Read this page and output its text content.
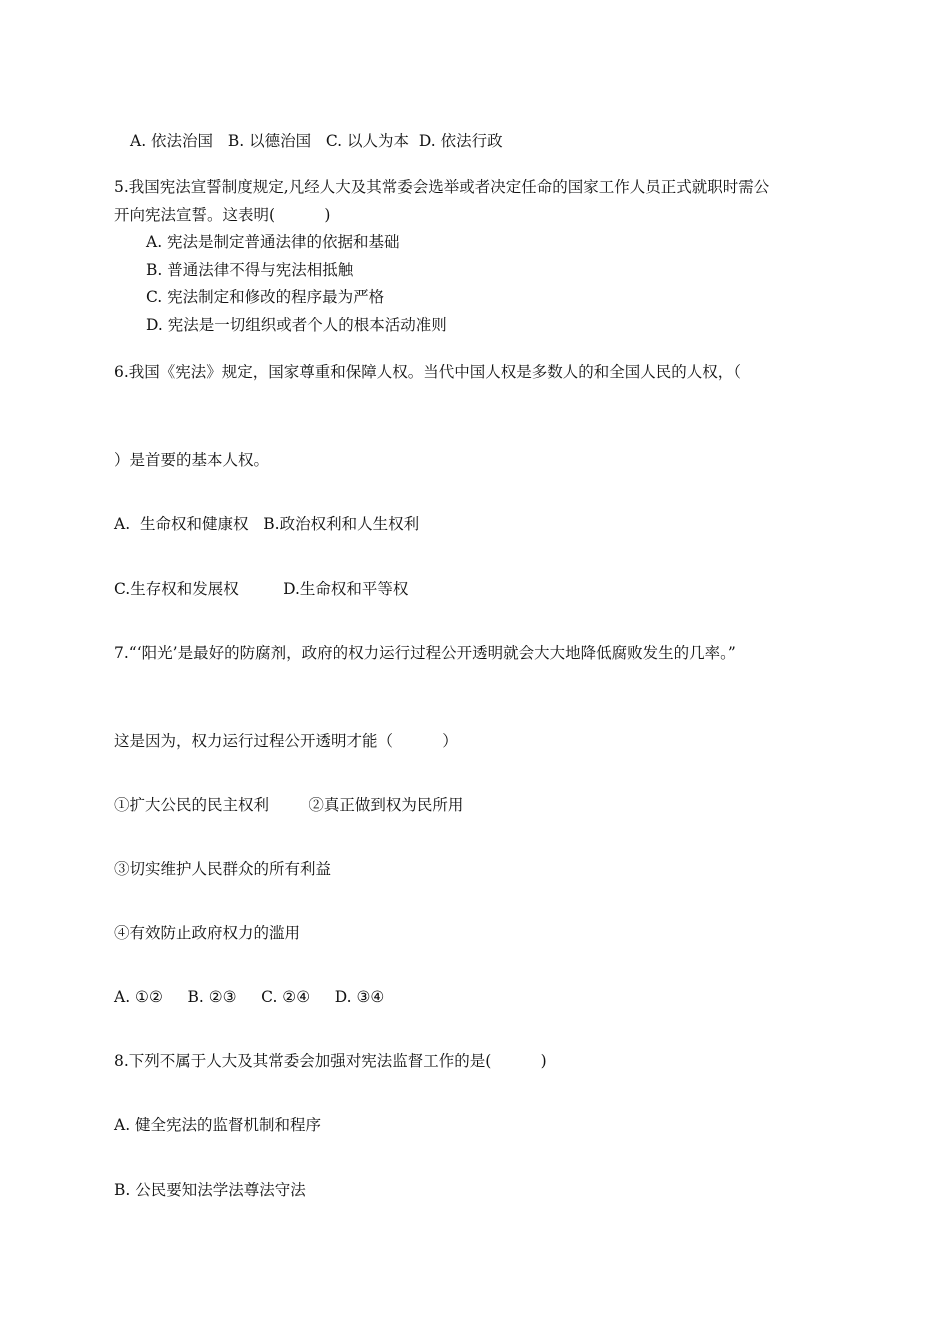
A. 依法治国   B. 以德治国   C. 以人为本  D. 依法行政
5.我国宪法宣誓制度规定,凡经人大及其常委会选举或者决定任命的国家工作人员正式就职时需公
开向宪法宣誓。这表明(          )
A. 宪法是制定普通法律的依据和基础
B. 普通法律不得与宪法相抵触
C. 宪法制定和修改的程序最为严格
D. 宪法是一切组织或者个人的根本活动准则
6.我国《宪法》规定，国家尊重和保障人权。当代中国人权是多数人的和全国人民的人权，（
）是首要的基本人权。
A.  生命权和健康权   B.政治权利和人生权利
C.生存权和发展权         D.生命权和平等权
7.“‘阳光’是最好的防腐剂，政府的权力运行过程公开透明就会大大地降低腐败发生的几率。”
这是因为，权力运行过程公开透明才能（          ）
①扩大公民的民主权利        ②真正做到权为民所用
③切实维护人民群众的所有利益
④有效防止政府权力的滥用
A. ①②     B. ②③     C. ②④     D. ③④
8.下列不属于人大及其常委会加强对宪法监督工作的是(          )
A. 健全宪法的监督机制和程序
B. 公民要知法学法尊法守法
